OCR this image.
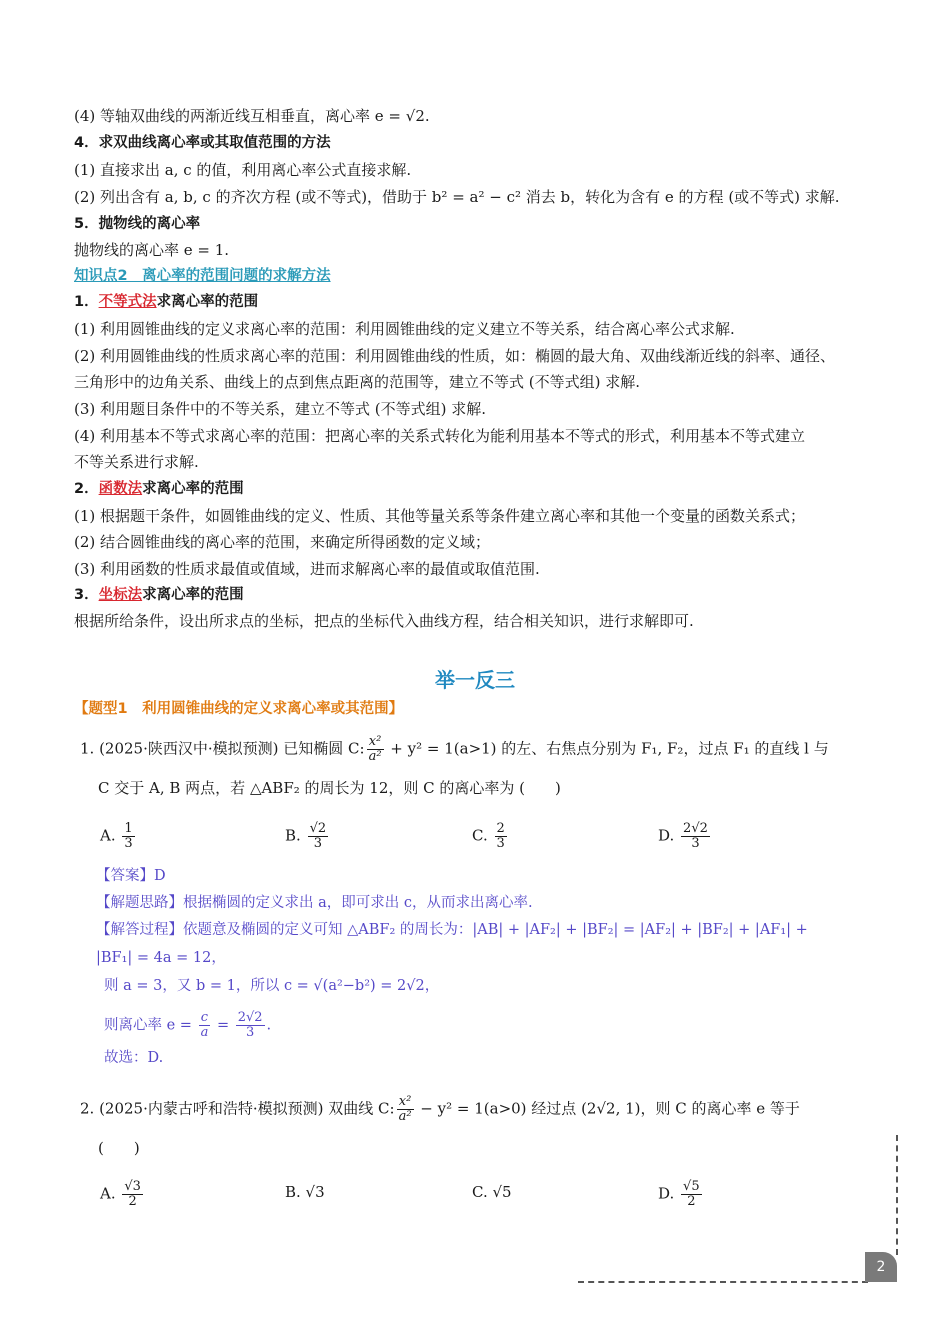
(4) 等轴双曲线的两渐近线互相垂直，离心率 e = √2.
4．求双曲线离心率或其取值范围的方法
(1) 直接求出 a, c 的值，利用离心率公式直接求解.
(2) 列出含有 a, b, c 的齐次方程 (或不等式)，借助于 b² = a² − c² 消去 b，转化为含有 e 的方程 (或不等式) 求解.
5．抛物线的离心率
抛物线的离心率 e = 1.
知识点2　离心率的范围问题的求解方法
1．不等式法求离心率的范围
(1) 利用圆锥曲线的定义求离心率的范围：利用圆锥曲线的定义建立不等关系，结合离心率公式求解.
(2) 利用圆锥曲线的性质求离心率的范围：利用圆锥曲线的性质，如：椭圆的最大角、双曲线渐近线的斜率、通径、
三角形中的边角关系、曲线上的点到焦点距离的范围等，建立不等式 (不等式组) 求解.
(3) 利用题目条件中的不等关系，建立不等式 (不等式组) 求解.
(4) 利用基本不等式求离心率的范围：把离心率的关系式转化为能利用基本不等式的形式，利用基本不等式建立
不等关系进行求解.
2．函数法求离心率的范围
(1) 根据题干条件，如圆锥曲线的定义、性质、其他等量关系等条件建立离心率和其他一个变量的函数关系式；
(2) 结合圆锥曲线的离心率的范围，来确定所得函数的定义域；
(3) 利用函数的性质求最值或值域，进而求解离心率的最值或取值范围.
3．坐标法求离心率的范围
根据所给条件，设出所求点的坐标，把点的坐标代入曲线方程，结合相关知识，进行求解即可.
举一反三
【题型1　利用圆锥曲线的定义求离心率或其范围】
1. (2025·陕西汉中·模拟预测) 已知椭圆 C: $\frac{\text{x²}}{\text{a²}} + y^2 = 1(a>1)$ 的左、右焦点分别为 F₁, F₂，过点 F₁ 的直线 l 与
C 交于 A, B 两点，若 △ABF₂ 的周长为 12，则 C 的离心率为 (　　)
A. $\frac{1}{3}$	B. $\frac{√2}{3}$	C. $\frac{2}{3}$	D. $\frac{2√2}{3}$
【答案】D
【解题思路】根据椭圆的定义求出 a，即可求出 c，从而求出离心率.
【解答过程】依题意及椭圆的定义可知 △ABF₂ 的周长为：|AB| + |AF₂| + |BF₂| = |AF₂| + |BF₂| + |AF₁| +
|BF₁| = 4a = 12，
则 a = 3，又 b = 1，所以 c = √(a²−b²) = 2√2，
则离心率 $e = \frac{c}{a} = \frac{2√2}{3}$ .
故选：D.
2. (2025·内蒙古呼和浩特·模拟预测) 双曲线 C: $\frac{\text{x²}}{\text{a²}} - y^2 = 1(a>0)$ 经过点 (2√2, 1)，则 C 的离心率 e 等于
(　　)
A. $\frac{√3}{2}$	B. √3	C. √5	D. $\frac{√5}{2}$
2
